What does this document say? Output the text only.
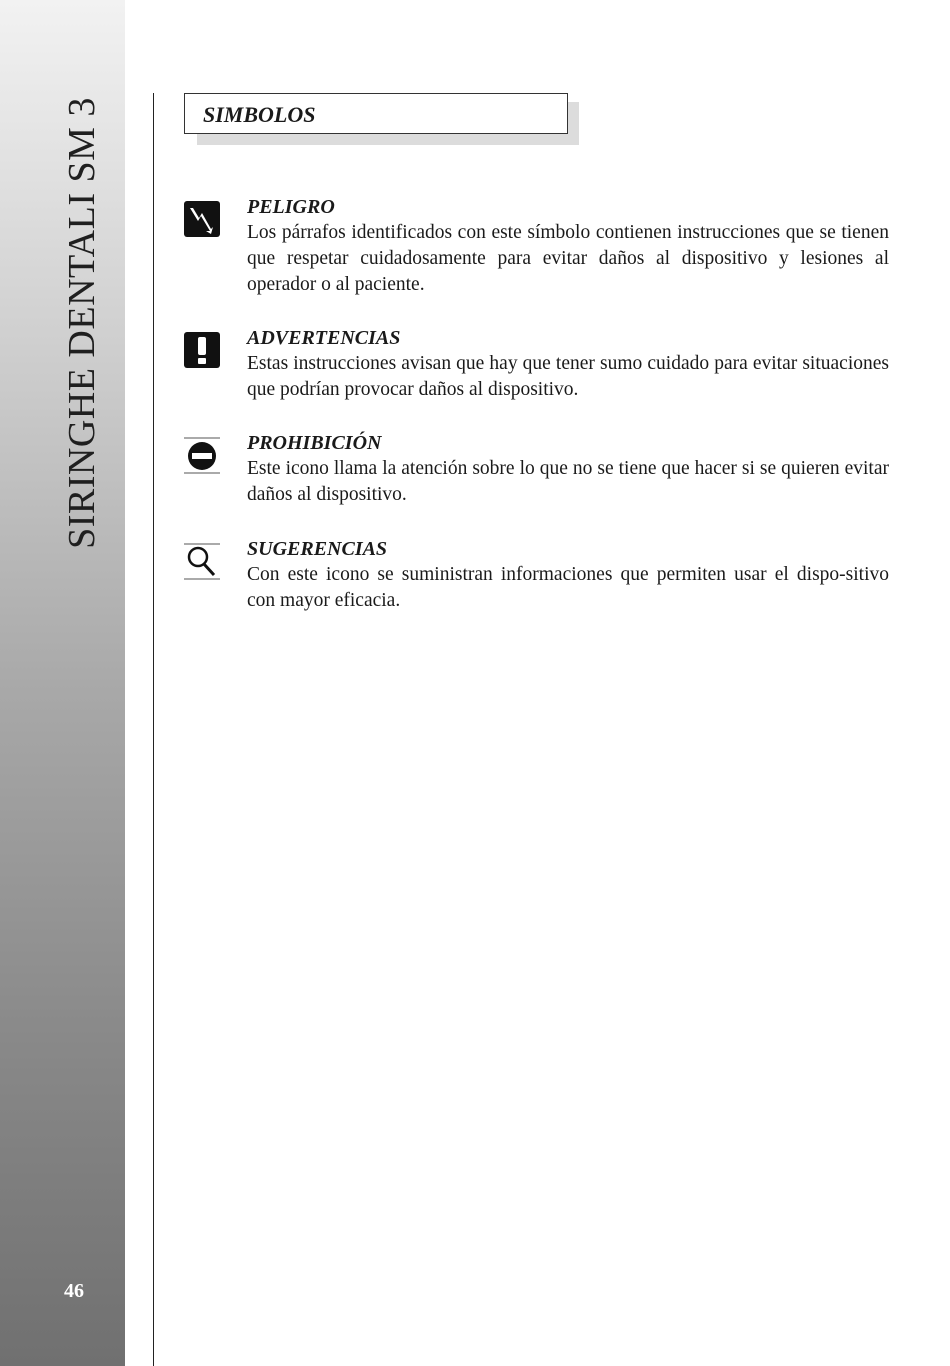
SIRINGHE DENTALI SM 3
46
SIMBOLOS
PELIGRO
Los párrafos identificados con este símbolo contienen instrucciones que se tienen que respetar cuidadosamente para evitar daños al dispositivo y lesiones al operador o al paciente.
ADVERTENCIAS
Estas instrucciones avisan que hay que tener sumo cuidado para evitar situaciones que podrían provocar daños al dispositivo.
PROHIBICIÓN
Este icono llama la atención sobre lo que no se tiene que hacer si se quieren evitar daños al dispositivo.
SUGERENCIAS
Con este icono se suministran informaciones que permiten usar el dispo-sitivo con mayor eficacia.
